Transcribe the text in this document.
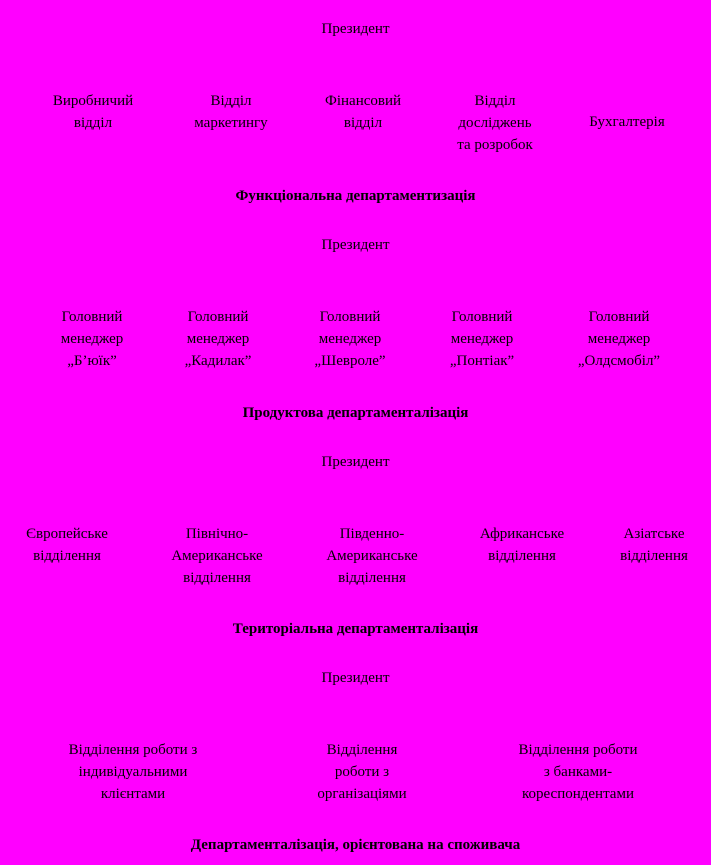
Президент
Виробничий
відділ
Відділ
маркетингу
Фінансовий
відділ
Відділ
досліджень
та розробок
Бухгалтерія
Функціональна департаментизація
Президент
Головний
менеджер
„Б’юїк”
Головний
менеджер
„Кадилак”
Головний
менеджер
„Шевроле”
Головний
менеджер
„Понтіак”
Головний
менеджер
„Олдсмобіл”
Продуктова департаменталізація
Президент
Європейське
відділення
Північно-
Американське
відділення
Південно-
Американське
відділення
Африканське
відділення
Азіатське
відділення
Територіальна департаменталізація
Президент
Відділення роботи з
індивідуальними
клієнтами
Відділення
роботи з
організаціями
Відділення роботи
з банками-
кореспондентами
Департаменталізація, орієнтована на споживача
